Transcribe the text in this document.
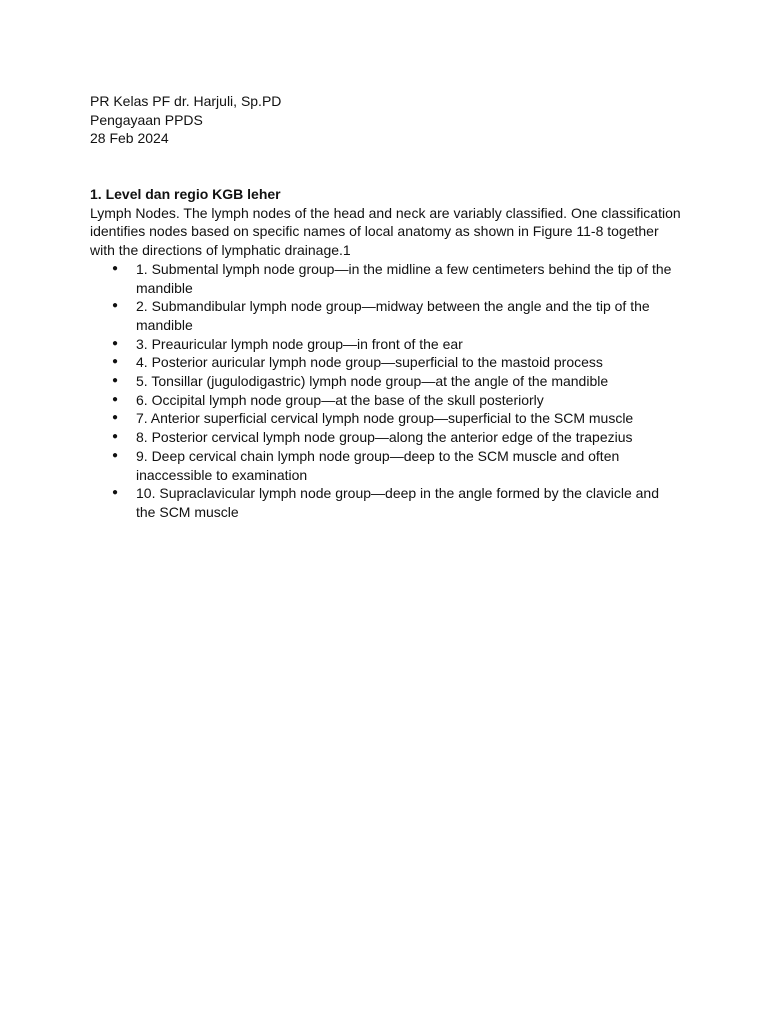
PR Kelas PF dr. Harjuli, Sp.PD
Pengayaan PPDS
28 Feb 2024
1. Level dan regio KGB leher
Lymph Nodes. The lymph nodes of the head and neck are variably classified. One classification identifies nodes based on specific names of local anatomy as shown in Figure 11-8 together with the directions of lymphatic drainage.1
● 1. Submental lymph node group—in the midline a few centimeters behind the tip of the mandible
● 2. Submandibular lymph node group—midway between the angle and the tip of the mandible
● 3. Preauricular lymph node group—in front of the ear
● 4. Posterior auricular lymph node group—superficial to the mastoid process
● 5. Tonsillar (jugulodigastric) lymph node group—at the angle of the mandible
● 6. Occipital lymph node group—at the base of the skull posteriorly
● 7. Anterior superficial cervical lymph node group—superficial to the SCM muscle
● 8. Posterior cervical lymph node group—along the anterior edge of the trapezius
● 9. Deep cervical chain lymph node group—deep to the SCM muscle and often inaccessible to examination
● 10. Supraclavicular lymph node group—deep in the angle formed by the clavicle and the SCM muscle
